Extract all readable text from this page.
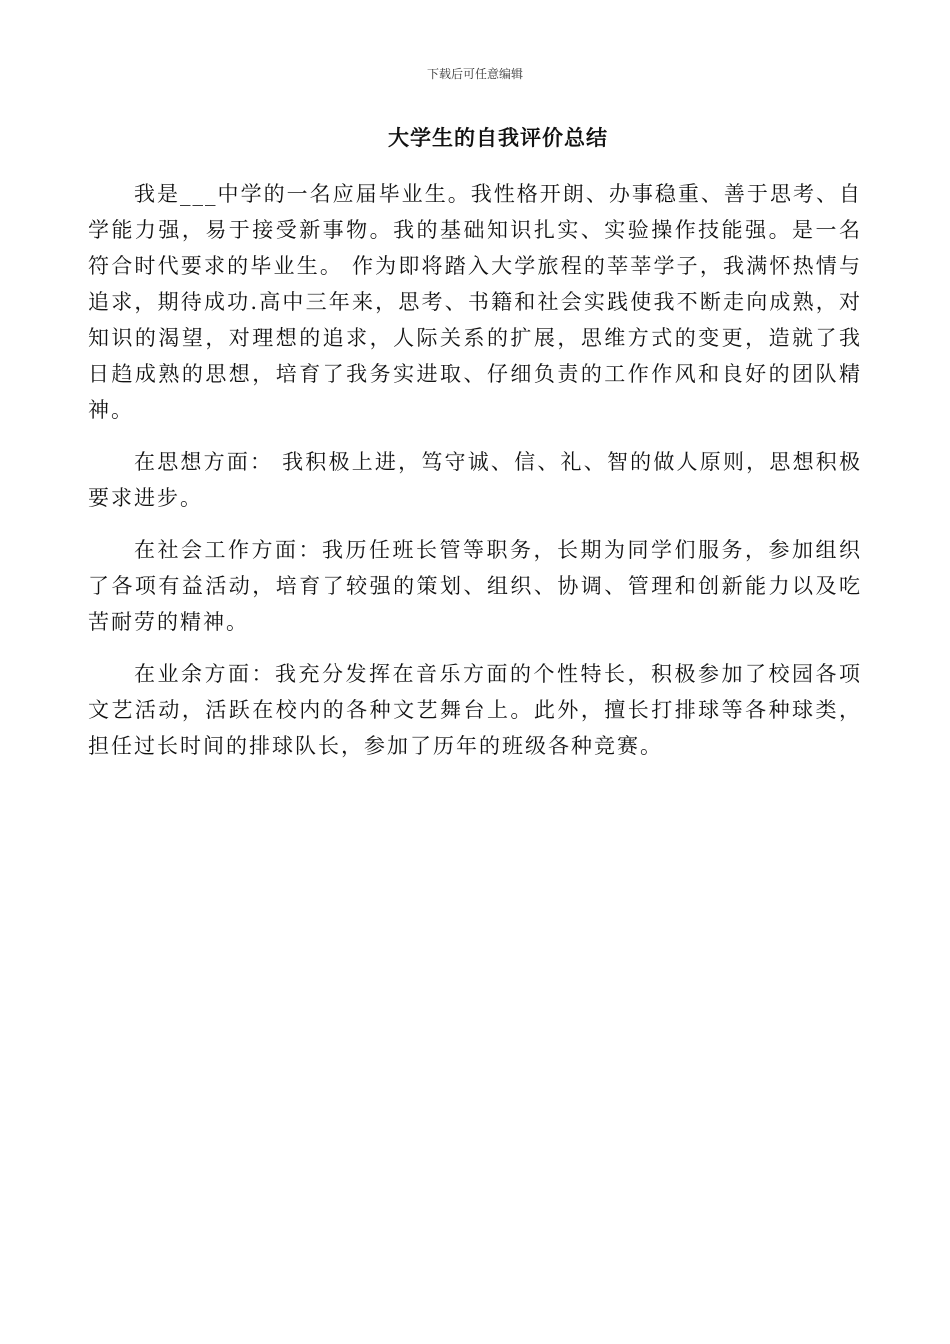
下载后可任意编辑
大学生的自我评价总结

我是___中学的一名应届毕业生。我性格开朗、办事稳重、善于思考、自学能力强，易于接受新事物。我的基础知识扎实、实验操作技能强。是一名符合时代要求的毕业生。 作为即将踏入大学旅程的莘莘学子，我满怀热情与追求，期待成功.高中三年来，思考、书籍和社会实践使我不断走向成熟，对知识的渴望，对理想的追求，人际关系的扩展，思维方式的变更，造就了我日趋成熟的思想，培育了我务实进取、仔细负责的工作作风和良好的团队精神。

在思想方面： 我积极上进，笃守诚、信、礼、智的做人原则，思想积极要求进步。

在社会工作方面：我历任班长管等职务，长期为同学们服务，参加组织了各项有益活动，培育了较强的策划、组织、协调、管理和创新能力以及吃苦耐劳的精神。

在业余方面：我充分发挥在音乐方面的个性特长，积极参加了校园各项文艺活动，活跃在校内的各种文艺舞台上。此外，擅长打排球等各种球类，担任过长时间的排球队长，参加了历年的班级各种竞赛。
